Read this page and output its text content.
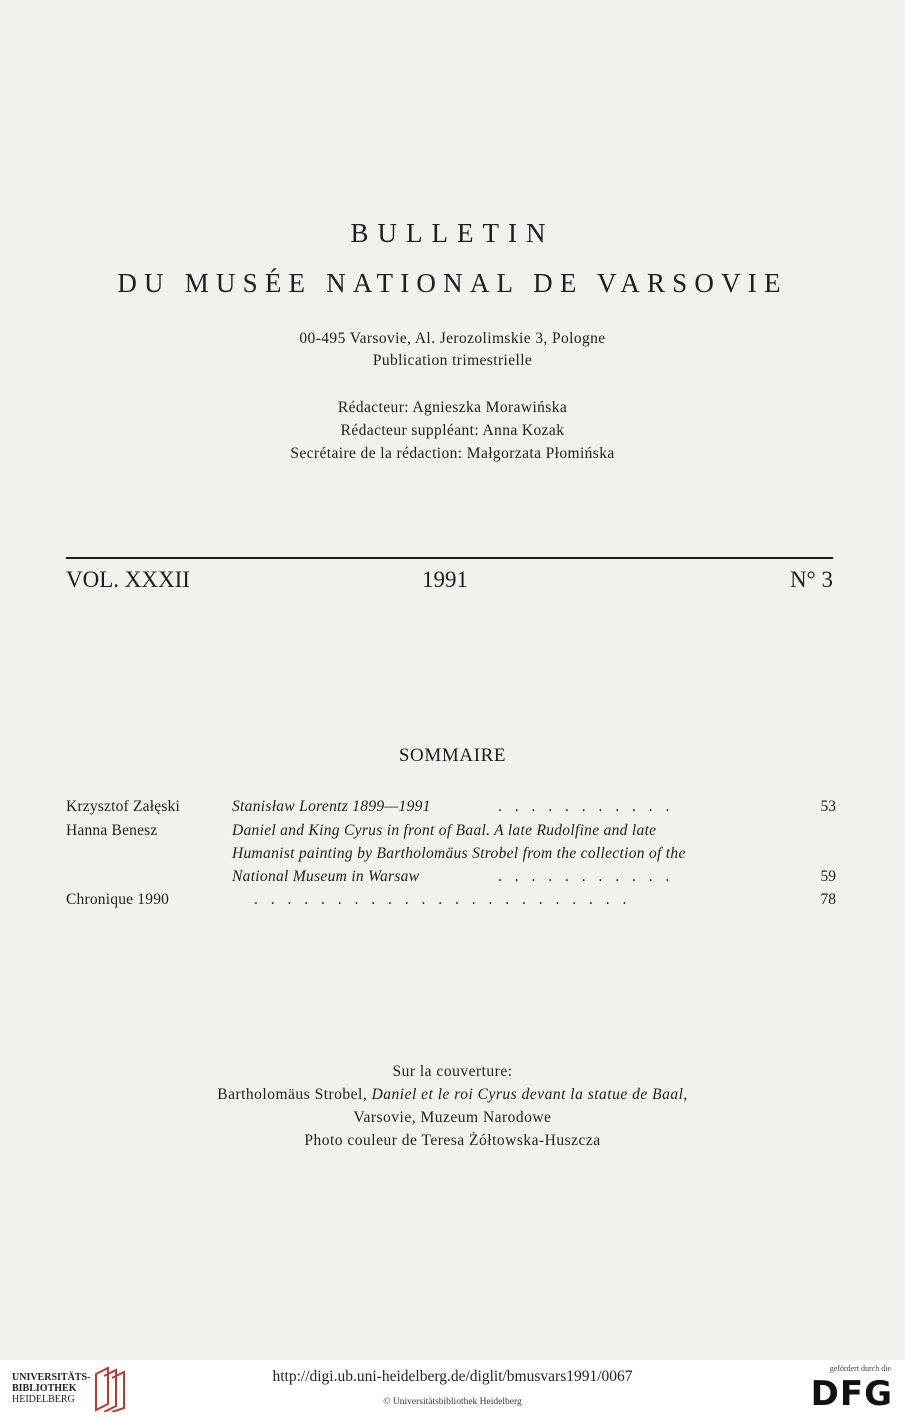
BULLETIN
DU MUSÉE NATIONAL DE VARSOVIE
00-495 Varsovie, Al. Jerozolimskie 3, Pologne
Publication trimestrielle
Rédacteur: Agnieszka Morawińska
Rédacteur suppléant: Anna Kozak
Secrétaire de la rédaction: Małgorzata Płomińska
VOL. XXXII	1991	N° 3
SOMMAIRE
Krzysztof Załęski	Stanisław Lorentz 1899—1991	. . . . . . . . . . .	53
Hanna Benesz	Daniel and King Cyrus in front of Baal. A late Rudolfine and late
Humanist painting by Bartholomäus Strobel from the collection of the
National Museum in Warsaw	. . . . . . . . . . .	59
Chronique 1990	. . . . . . . . . . . . . . . . . . . . . . .	78
Sur la couverture:
Bartholomäus Strobel, Daniel et le roi Cyrus devant la statue de Baal,
Varsovie, Muzeum Narodowe
Photo couleur de Teresa Żółtowska-Huszcza
UNIVERSITÄTS-
BIBLIOTHEK
HEIDELBERG
http://digi.ub.uni-heidelberg.de/diglit/bmusvars1991/0067
© Universitätsbibliothek Heidelberg
gefördert durch die
DFG
